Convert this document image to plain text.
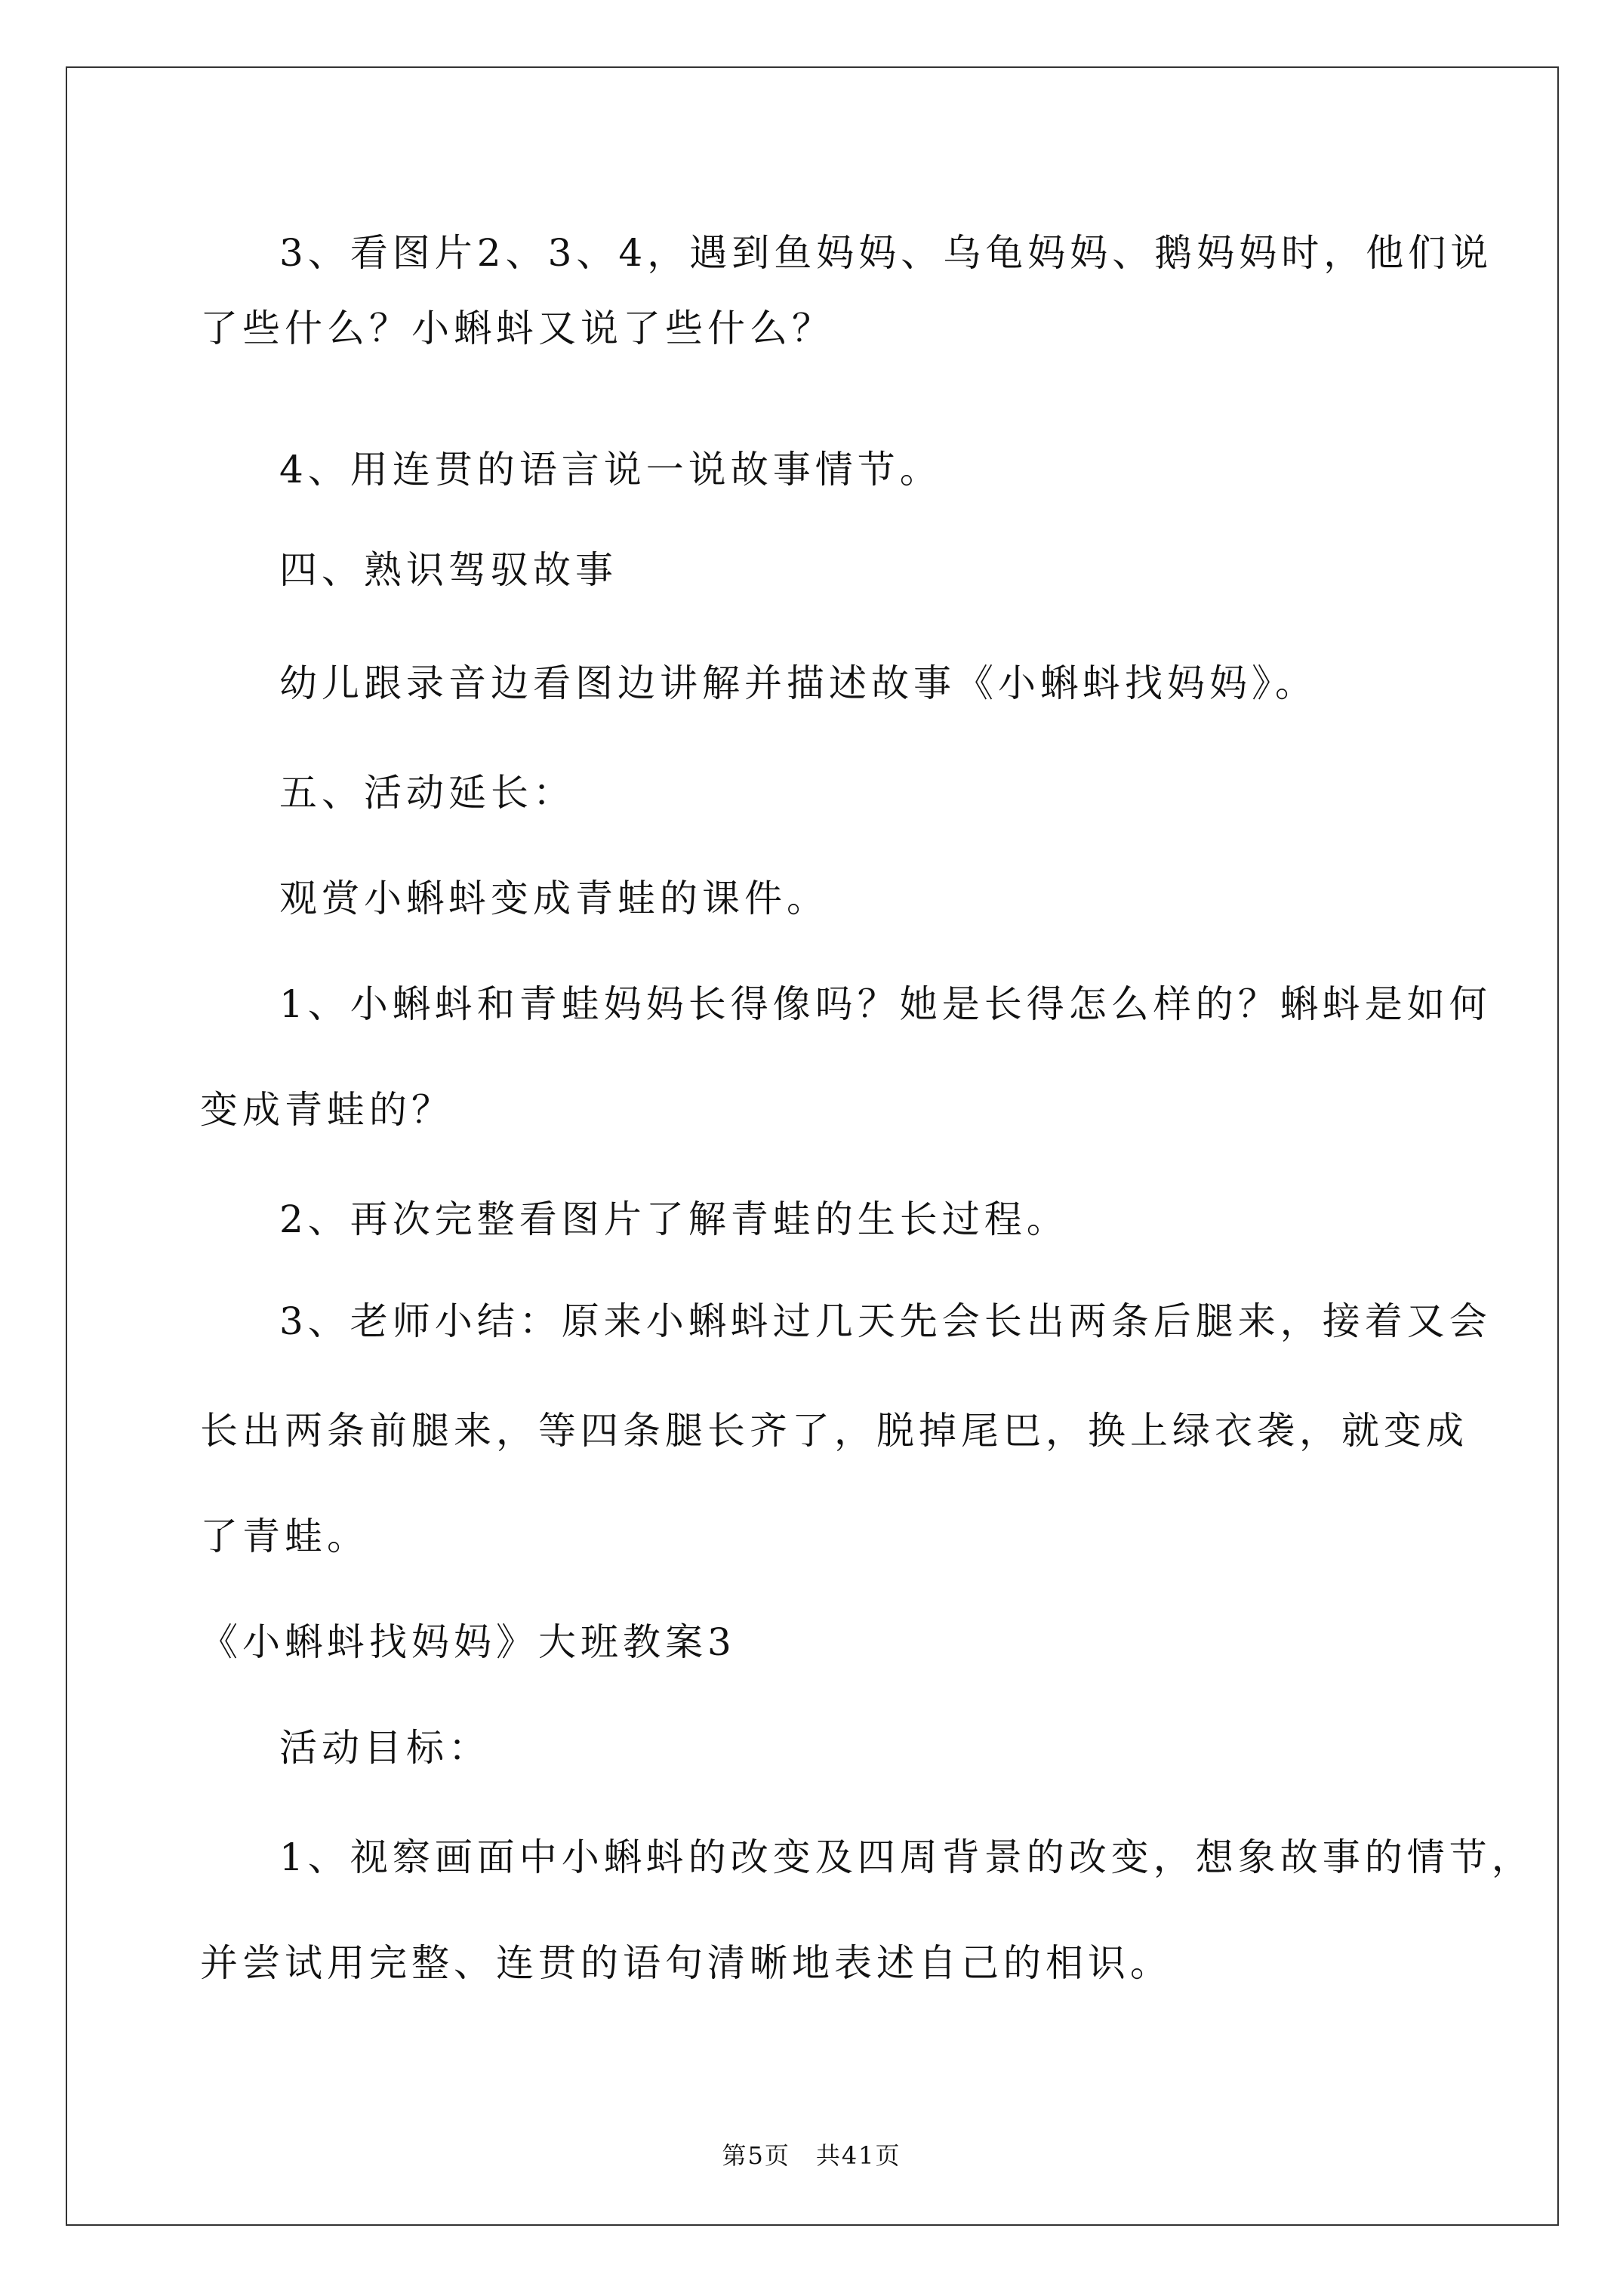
3、看图片2、3、4，遇到鱼妈妈、乌龟妈妈、鹅妈妈时，他们说
了些什么？小蝌蚪又说了些什么？
4、用连贯的语言说一说故事情节。
四、熟识驾驭故事
幼儿跟录音边看图边讲解并描述故事《小蝌蚪找妈妈》。
五、活动延长：
观赏小蝌蚪变成青蛙的课件。
1、小蝌蚪和青蛙妈妈长得像吗？她是长得怎么样的？蝌蚪是如何
变成青蛙的？
2、再次完整看图片了解青蛙的生长过程。
3、老师小结：原来小蝌蚪过几天先会长出两条后腿来，接着又会
长出两条前腿来，等四条腿长齐了，脱掉尾巴，换上绿衣袭，就变成
了青蛙。
《小蝌蚪找妈妈》大班教案3
活动目标：
1、视察画面中小蝌蚪的改变及四周背景的改变，想象故事的情节，
并尝试用完整、连贯的语句清晰地表述自己的相识。
第5页　共41页
